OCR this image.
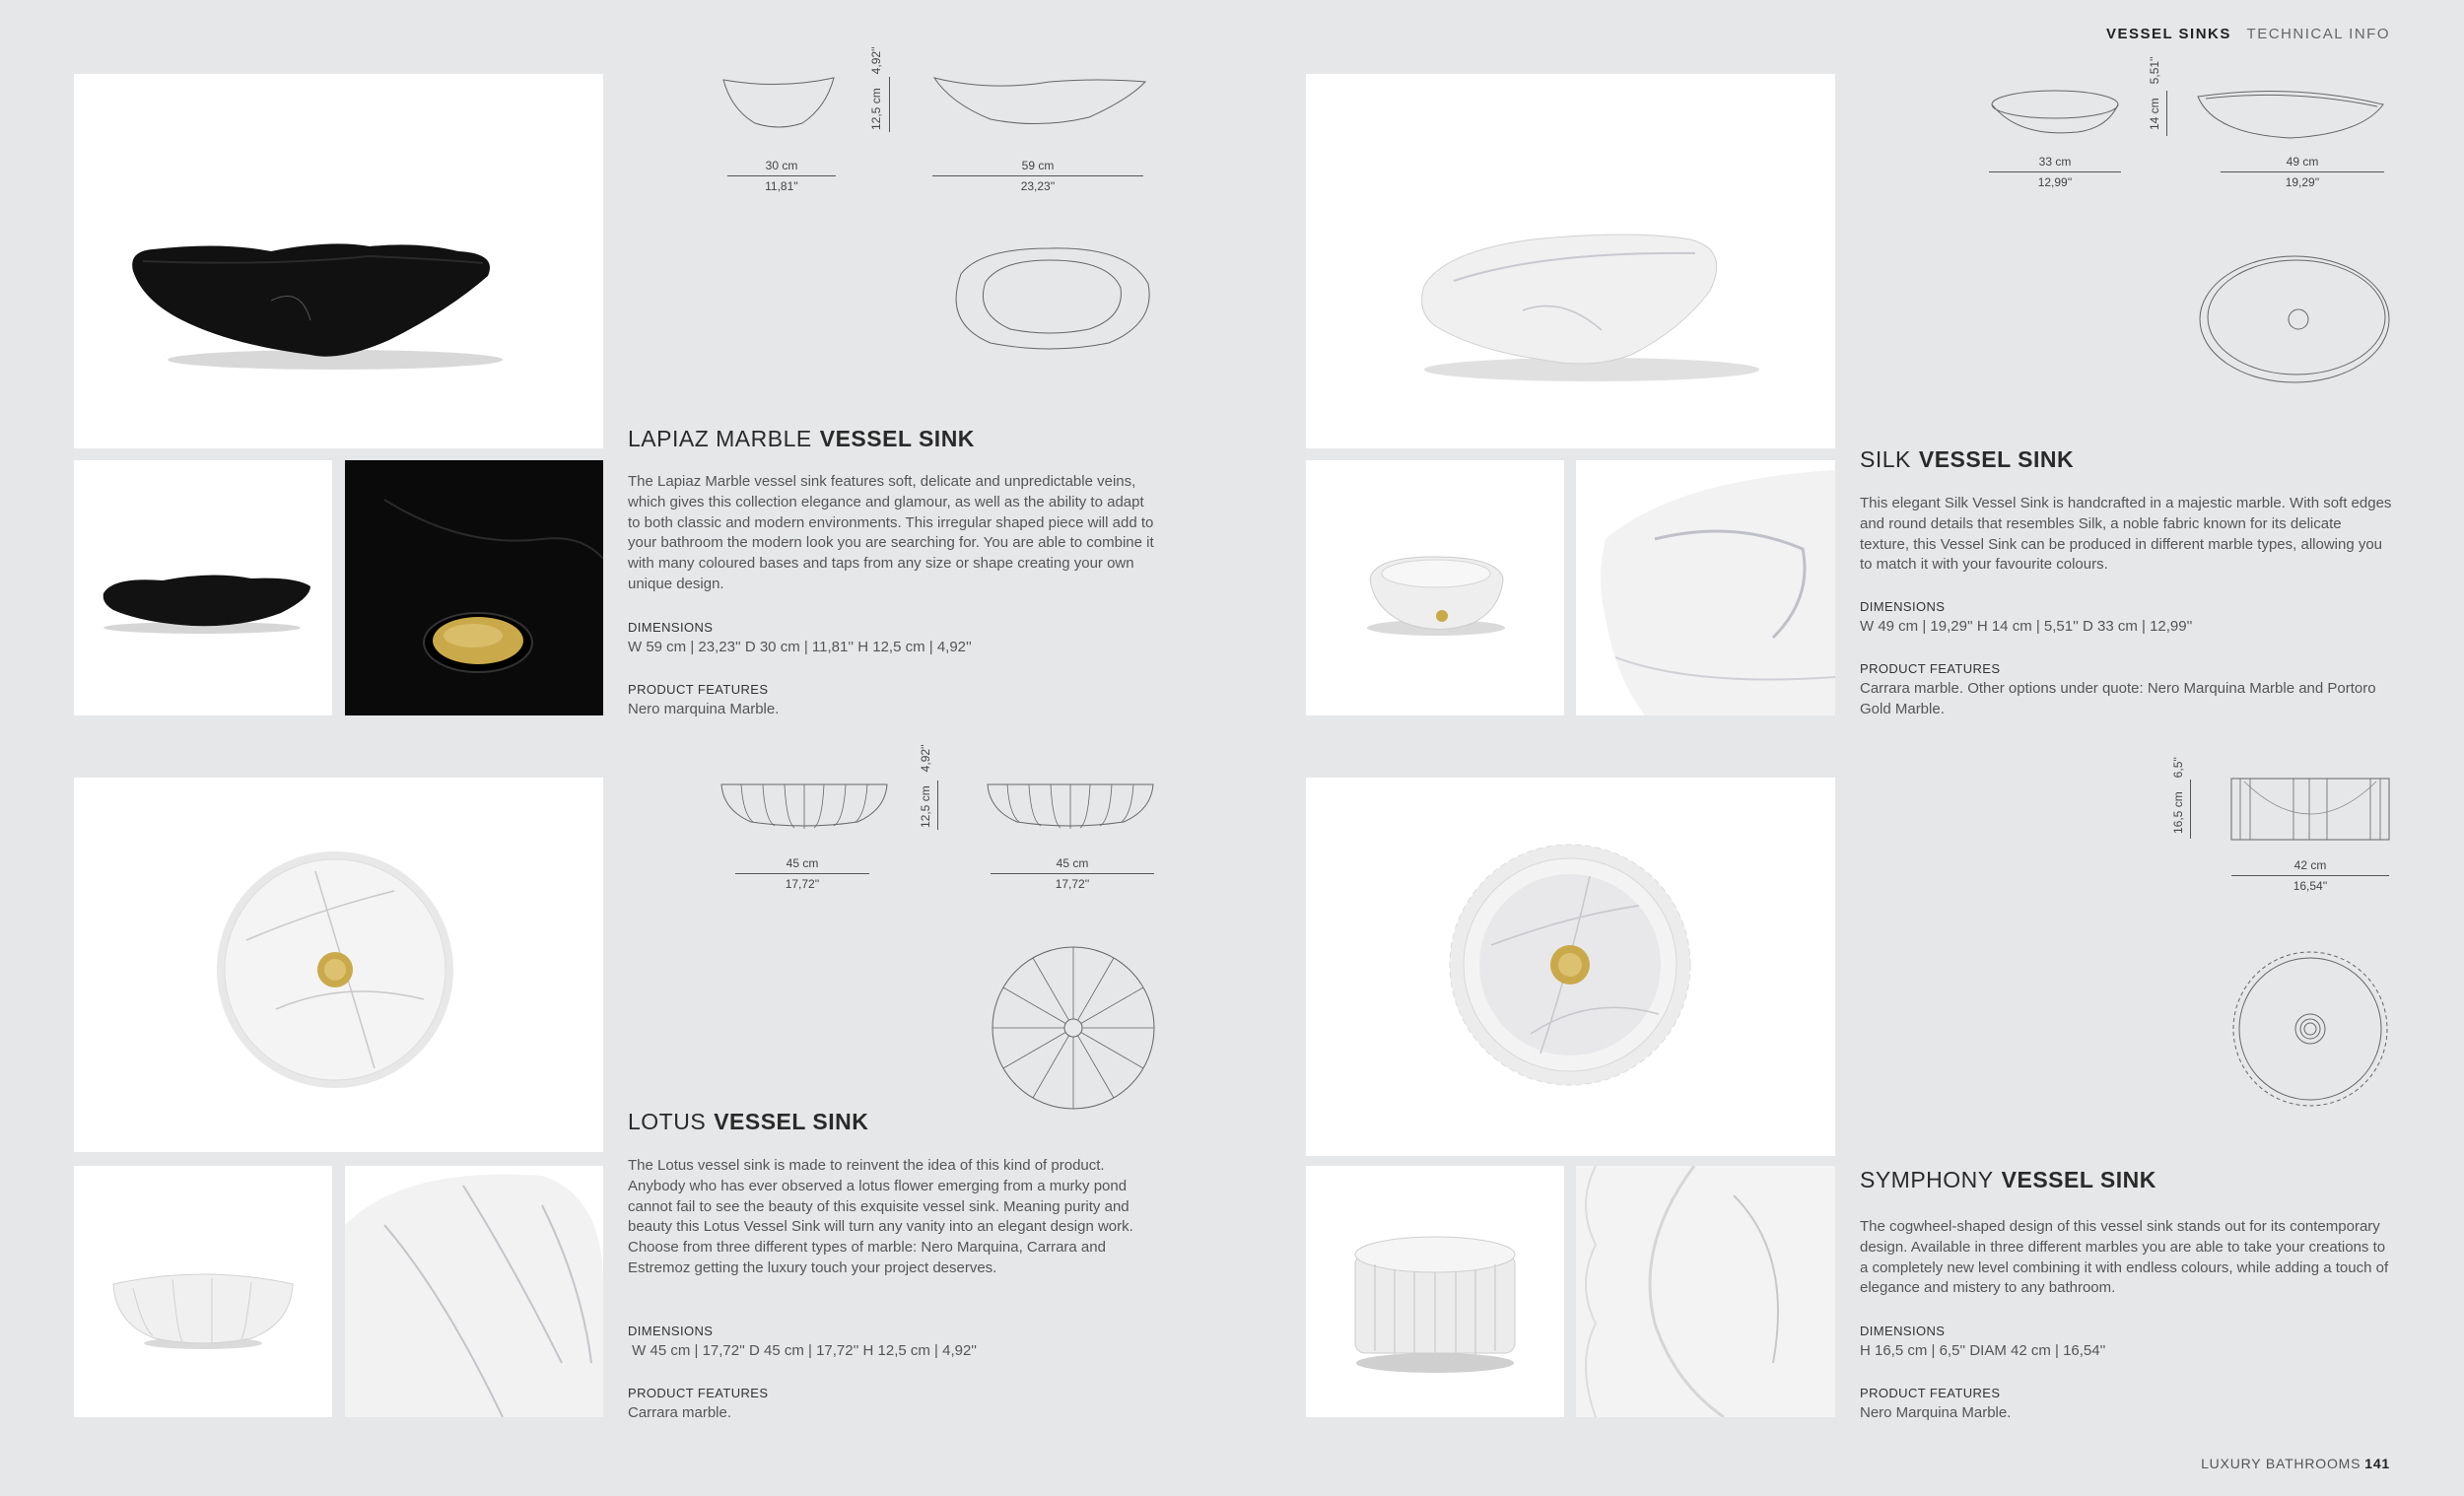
VESSEL SINKS TECHNICAL INFO
30 cm
11,81''
59 cm
23,23''
12,5 cm4,92''
LAPIAZ MARBLE VESSEL SINK
The Lapiaz Marble vessel sink features soft, delicate and unpredictable veins, which gives this collection elegance and glamour, as well as the ability to adapt to both classic and modern environments. This irregular shaped piece will add to your bathroom the modern look you are searching for. You are able to combine it with many coloured bases and taps from any size or shape creating your own unique design.
DIMENSIONS
W 59 cm | 23,23'' D 30 cm | 11,81'' H 12,5 cm | 4,92''
PRODUCT FEATURES
Nero marquina Marble.
33 cm
12,99''
49 cm
19,29''
14 cm5,51''
SILK VESSEL SINK
This elegant Silk Vessel Sink is handcrafted in a majestic marble. With soft edges and round details that resembles Silk, a noble fabric known for its delicate texture, this Vessel Sink can be produced in different marble types, allowing you to match it with your favourite colours.
DIMENSIONS
W 49 cm | 19,29'' H 14 cm | 5,51'' D 33 cm | 12,99''
PRODUCT FEATURES
Carrara marble. Other options under quote: Nero Marquina Marble and Portoro Gold Marble.
45 cm
17,72''
45 cm
17,72''
12,5 cm4,92''
LOTUS VESSEL SINK
The Lotus vessel sink is made to reinvent the idea of this kind of product. Anybody who has ever observed a lotus flower emerging from a murky pond cannot fail to see the beauty of this exquisite vessel sink. Meaning purity and beauty this Lotus Vessel Sink will turn any vanity into an elegant design work. Choose from three different types of marble: Nero Marquina, Carrara and Estremoz getting the luxury touch your project deserves.
DIMENSIONS
W 45 cm | 17,72'' D 45 cm | 17,72'' H 12,5 cm | 4,92''
PRODUCT FEATURES
Carrara marble.
42 cm
16,54''
16,5 cm6,5''
SYMPHONY VESSEL SINK
The cogwheel-shaped design of this vessel sink stands out for its contemporary design. Available in three different marbles you are able to take your creations to a completely new level combining it with endless colours, while adding a touch of elegance and mistery to any bathroom.
DIMENSIONS
H 16,5 cm | 6,5'' DIAM 42 cm | 16,54''
PRODUCT FEATURES
Nero Marquina Marble.
LUXURY BATHROOMS 141
